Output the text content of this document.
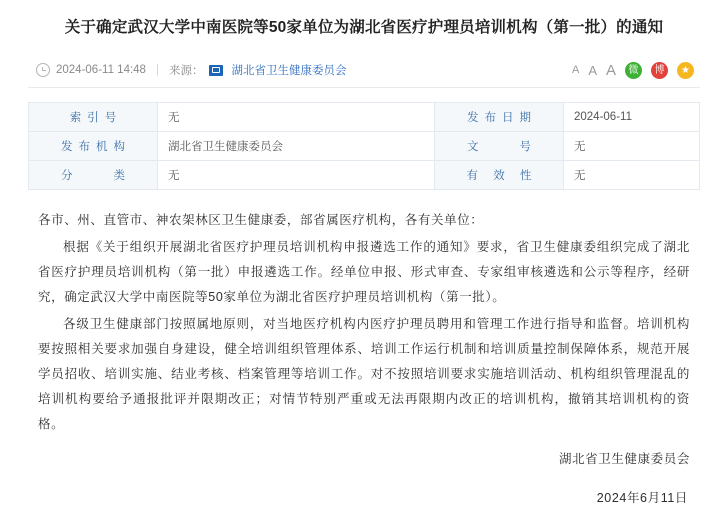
关于确定武汉大学中南医院等50家单位为湖北省医疗护理员培训机构（第一批）的通知
2024-06-11 14:48 | 来源： 湖北省卫生健康委员会	A A A	微	博	★
索引号	无	发布日期	2024-06-11
发布机构	湖北省卫生健康委员会	文　　号	无
分　　类	无	有 效 性	无

各市、州、直管市、神农架林区卫生健康委，部省属医疗机构，各有关单位：

根据《关于组织开展湖北省医疗护理员培训机构申报遴选工作的通知》要求，省卫生健康委组织完成了湖北省医疗护理员培训机构（第一批）申报遴选工作。经单位申报、形式审查、专家组审核遴选和公示等程序，经研究，确定武汉大学中南医院等50家单位为湖北省医疗护理员培训机构（第一批）。

各级卫生健康部门按照属地原则，对当地医疗机构内医疗护理员聘用和管理工作进行指导和监督。培训机构要按照相关要求加强自身建设，健全培训组织管理体系、培训工作运行机制和培训质量控制保障体系，规范开展学员招收、培训实施、结业考核、档案管理等培训工作。对不按照培训要求实施培训活动、机构组织管理混乱的培训机构要给予通报批评并限期改正；对情节特别严重或无法再限期内改正的培训机构，撤销其培训机构的资格。

湖北省卫生健康委员会
2024年6月11日
